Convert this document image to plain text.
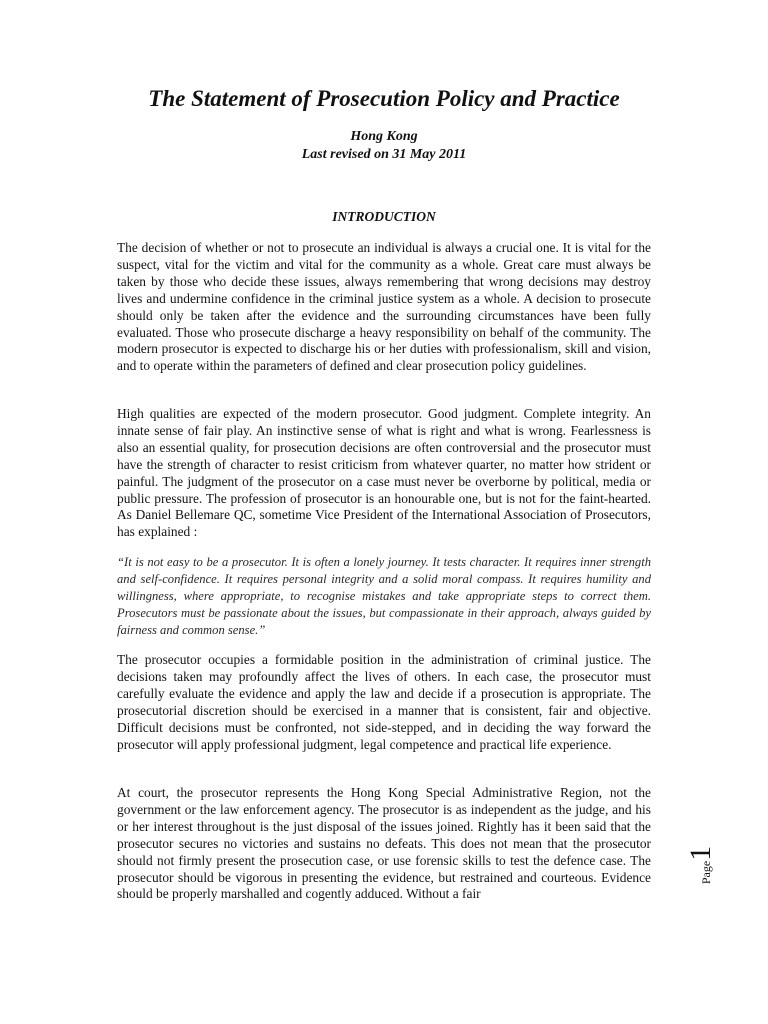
The Statement of Prosecution Policy and Practice

Hong Kong

Last revised on 31 May 2011

INTRODUCTION

The decision of whether or not to prosecute an individual is always a crucial one. It is vital for the suspect, vital for the victim and vital for the community as a whole. Great care must always be taken by those who decide these issues, always remembering that wrong decisions may destroy lives and undermine confidence in the criminal justice system as a whole. A decision to prosecute should only be taken after the evidence and the surrounding circumstances have been fully evaluated. Those who prosecute discharge a heavy responsibility on behalf of the community. The modern prosecutor is expected to discharge his or her duties with professionalism, skill and vision, and to operate within the parameters of defined and clear prosecution policy guidelines.

High qualities are expected of the modern prosecutor. Good judgment. Complete integrity. An innate sense of fair play. An instinctive sense of what is right and what is wrong. Fearlessness is also an essential quality, for prosecution decisions are often controversial and the prosecutor must have the strength of character to resist criticism from whatever quarter, no matter how strident or painful. The judgment of the prosecutor on a case must never be overborne by political, media or public pressure. The profession of prosecutor is an honourable one, but is not for the faint-hearted. As Daniel Bellemare QC, sometime Vice President of the International Association of Prosecutors, has explained :

“It is not easy to be a prosecutor. It is often a lonely journey. It tests character. It requires inner strength and self-confidence. It requires personal integrity and a solid moral compass. It requires humility and willingness, where appropriate, to recognise mistakes and take appropriate steps to correct them. Prosecutors must be passionate about the issues, but compassionate in their approach, always guided by fairness and common sense.”

The prosecutor occupies a formidable position in the administration of criminal justice. The decisions taken may profoundly affect the lives of others. In each case, the prosecutor must carefully evaluate the evidence and apply the law and decide if a prosecution is appropriate. The prosecutorial discretion should be exercised in a manner that is consistent, fair and objective. Difficult decisions must be confronted, not side-stepped, and in deciding the way forward the prosecutor will apply professional judgment, legal competence and practical life experience.

At court, the prosecutor represents the Hong Kong Special Administrative Region, not the government or the law enforcement agency. The prosecutor is as independent as the judge, and his or her interest throughout is the just disposal of the issues joined. Rightly has it been said that the prosecutor secures no victories and sustains no defeats. This does not mean that the prosecutor should not firmly present the prosecution case, or use forensic skills to test the defence case. The prosecutor should be vigorous in presenting the evidence, but restrained and courteous. Evidence should be properly marshalled and cogently adduced. Without a fair

Page1
